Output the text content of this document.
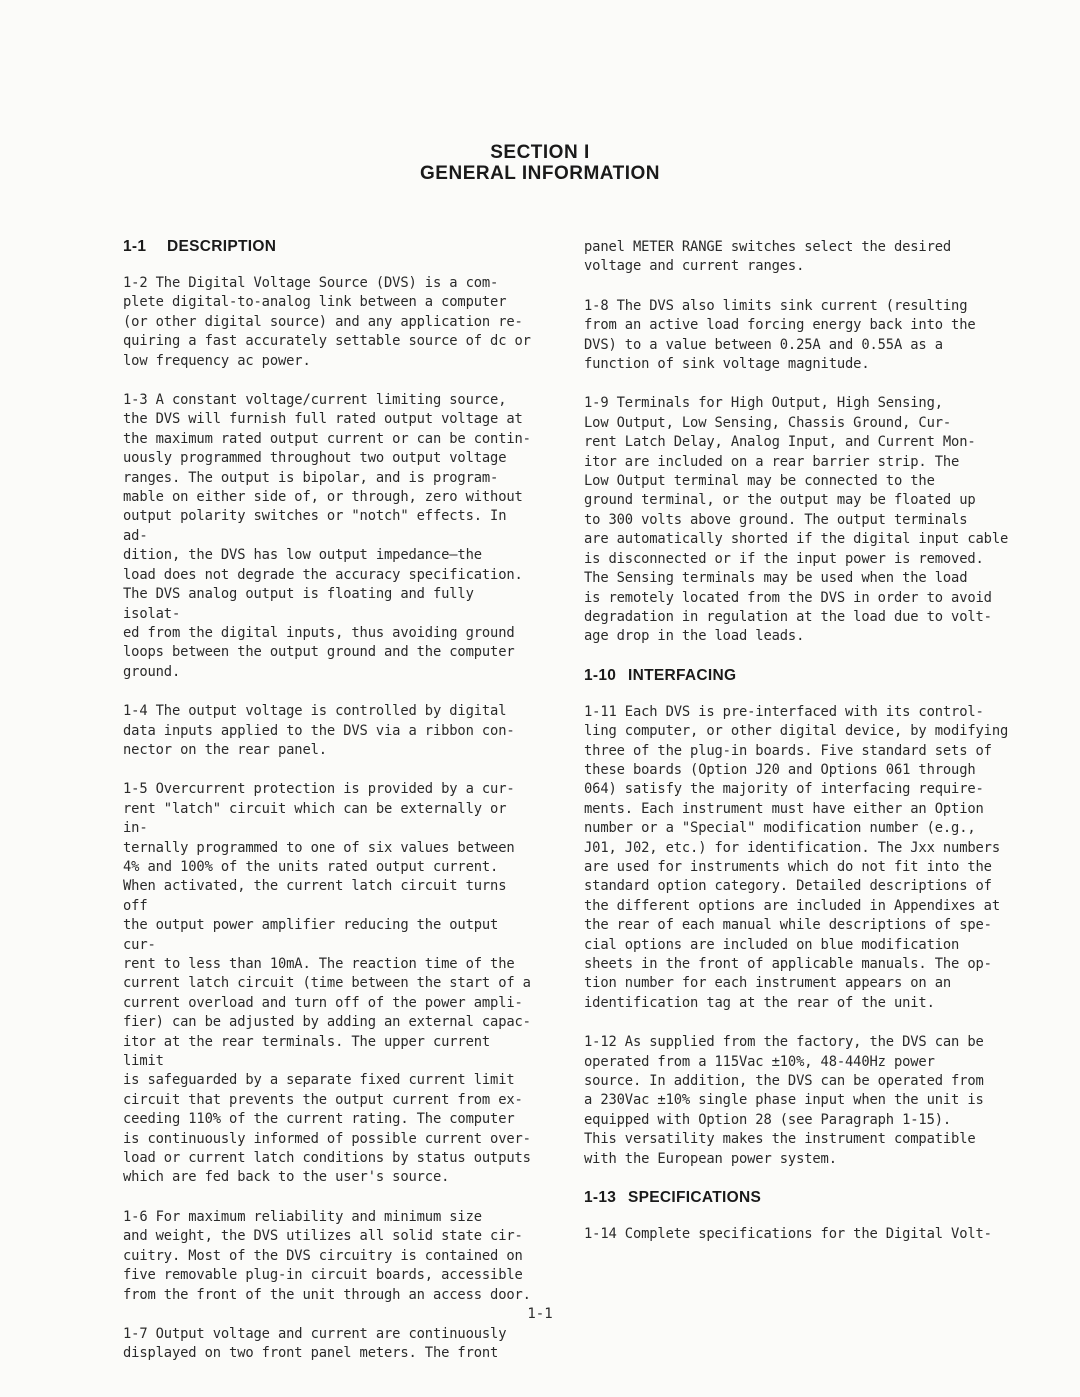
SECTION I
GENERAL INFORMATION
1-1 DESCRIPTION

1-2 The Digital Voltage Source (DVS) is a com-
plete digital-to-analog link between a computer
(or other digital source) and any application re-
quiring a fast accurately settable source of dc or
low frequency ac power.

1-3 A constant voltage/current limiting source,
the DVS will furnish full rated output voltage at
the maximum rated output current or can be contin-
uously programmed throughout two output voltage
ranges. The output is bipolar, and is program-
mable on either side of, or through, zero without
output polarity switches or "notch" effects. In ad-
dition, the DVS has low output impedance—the
load does not degrade the accuracy specification.
The DVS analog output is floating and fully isolat-
ed from the digital inputs, thus avoiding ground
loops between the output ground and the computer
ground.

1-4 The output voltage is controlled by digital
data inputs applied to the DVS via a ribbon con-
nector on the rear panel.

1-5 Overcurrent protection is provided by a cur-
rent "latch" circuit which can be externally or in-
ternally programmed to one of six values between
4% and 100% of the units rated output current.
When activated, the current latch circuit turns off
the output power amplifier reducing the output cur-
rent to less than 10mA. The reaction time of the
current latch circuit (time between the start of a
current overload and turn off of the power ampli-
fier) can be adjusted by adding an external capac-
itor at the rear terminals. The upper current limit
is safeguarded by a separate fixed current limit
circuit that prevents the output current from ex-
ceeding 110% of the current rating. The computer
is continuously informed of possible current over-
load or current latch conditions by status outputs
which are fed back to the user's source.

1-6 For maximum reliability and minimum size
and weight, the DVS utilizes all solid state cir-
cuitry. Most of the DVS circuitry is contained on
five removable plug-in circuit boards, accessible
from the front of the unit through an access door.

1-7 Output voltage and current are continuously
displayed on two front panel meters. The front

panel METER RANGE switches select the desired
voltage and current ranges.

1-8 The DVS also limits sink current (resulting
from an active load forcing energy back into the
DVS) to a value between 0.25A and 0.55A as a
function of sink voltage magnitude.

1-9 Terminals for High Output, High Sensing,
Low Output, Low Sensing, Chassis Ground, Cur-
rent Latch Delay, Analog Input, and Current Mon-
itor are included on a rear barrier strip. The
Low Output terminal may be connected to the
ground terminal, or the output may be floated up
to 300 volts above ground. The output terminals
are automatically shorted if the digital input cable
is disconnected or if the input power is removed.
The Sensing terminals may be used when the load
is remotely located from the DVS in order to avoid
degradation in regulation at the load due to volt-
age drop in the load leads.

1-10 INTERFACING

1-11 Each DVS is pre-interfaced with its control-
ling computer, or other digital device, by modifying
three of the plug-in boards. Five standard sets of
these boards (Option J20 and Options 061 through
064) satisfy the majority of interfacing require-
ments. Each instrument must have either an Option
number or a "Special" modification number (e.g.,
J01, J02, etc.) for identification. The Jxx numbers
are used for instruments which do not fit into the
standard option category. Detailed descriptions of
the different options are included in Appendixes at
the rear of each manual while descriptions of spe-
cial options are included on blue modification
sheets in the front of applicable manuals. The op-
tion number for each instrument appears on an
identification tag at the rear of the unit.

1-12 As supplied from the factory, the DVS can be
operated from a 115Vac ±10%, 48-440Hz power
source. In addition, the DVS can be operated from
a 230Vac ±10% single phase input when the unit is
equipped with Option 28 (see Paragraph 1-15).
This versatility makes the instrument compatible
with the European power system.

1-13 SPECIFICATIONS

1-14 Complete specifications for the Digital Volt-

1-1
